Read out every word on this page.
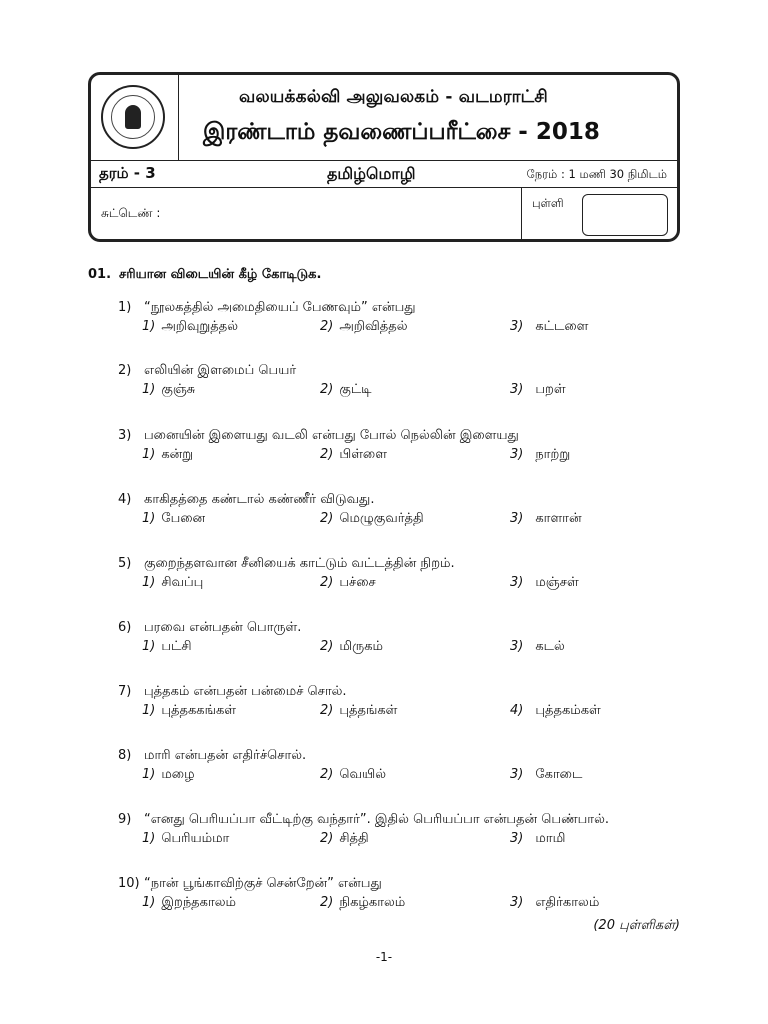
வலயக்கல்வி அலுவலகம் - வடமராட்சி
இரண்டாம் தவணைப்பரீட்சை - 2018
தரம் - 3	தமிழ்மொழி	நேரம் : 1 மணி 30 நிமிடம்
சுட்டெண் :
புள்ளி
01. சரியான விடையின் கீழ் கோடிடுக.
1) “நூலகத்தில் அமைதியைப் பேணவும்” என்பது
1) அறிவுறுத்தல்	2) அறிவித்தல்	3) கட்டளை
2) எலியின் இளமைப் பெயர்
1) குஞ்சு	2) குட்டி	3) பறள்
3) பனையின் இளையது வடலி என்பது போல் நெல்லின் இளையது
1) கன்று	2) பிள்ளை	3) நாற்று
4) காகிதத்தை கண்டால் கண்ணீர் விடுவது.
1) பேனை	2) மெழுகுவர்த்தி	3) காளான்
5) குறைந்தளவான சீனியைக் காட்டும் வட்டத்தின் நிறம்.
1) சிவப்பு	2) பச்சை	3) மஞ்சள்
6) பரவை என்பதன் பொருள்.
1) பட்சி	2) மிருகம்	3) கடல்
7) புத்தகம் என்பதன் பன்மைச் சொல்.
1) புத்தககங்கள்	2) புத்தங்கள்	4) புத்தகம்கள்
8) மாரி என்பதன் எதிர்ச்சொல்.
1) மழை	2) வெயில்	3) கோடை
9) “எனது பெரியப்பா வீட்டிற்கு வந்தார்”. இதில் பெரியப்பா என்பதன் பெண்பால்.
1) பெரியம்மா	2) சித்தி	3) மாமி
10) “நான் பூங்காவிற்குச் சென்றேன்” என்பது
1) இறந்தகாலம்	2) நிகழ்காலம்	3) எதிர்காலம்
(20 புள்ளிகள்)
-1-
